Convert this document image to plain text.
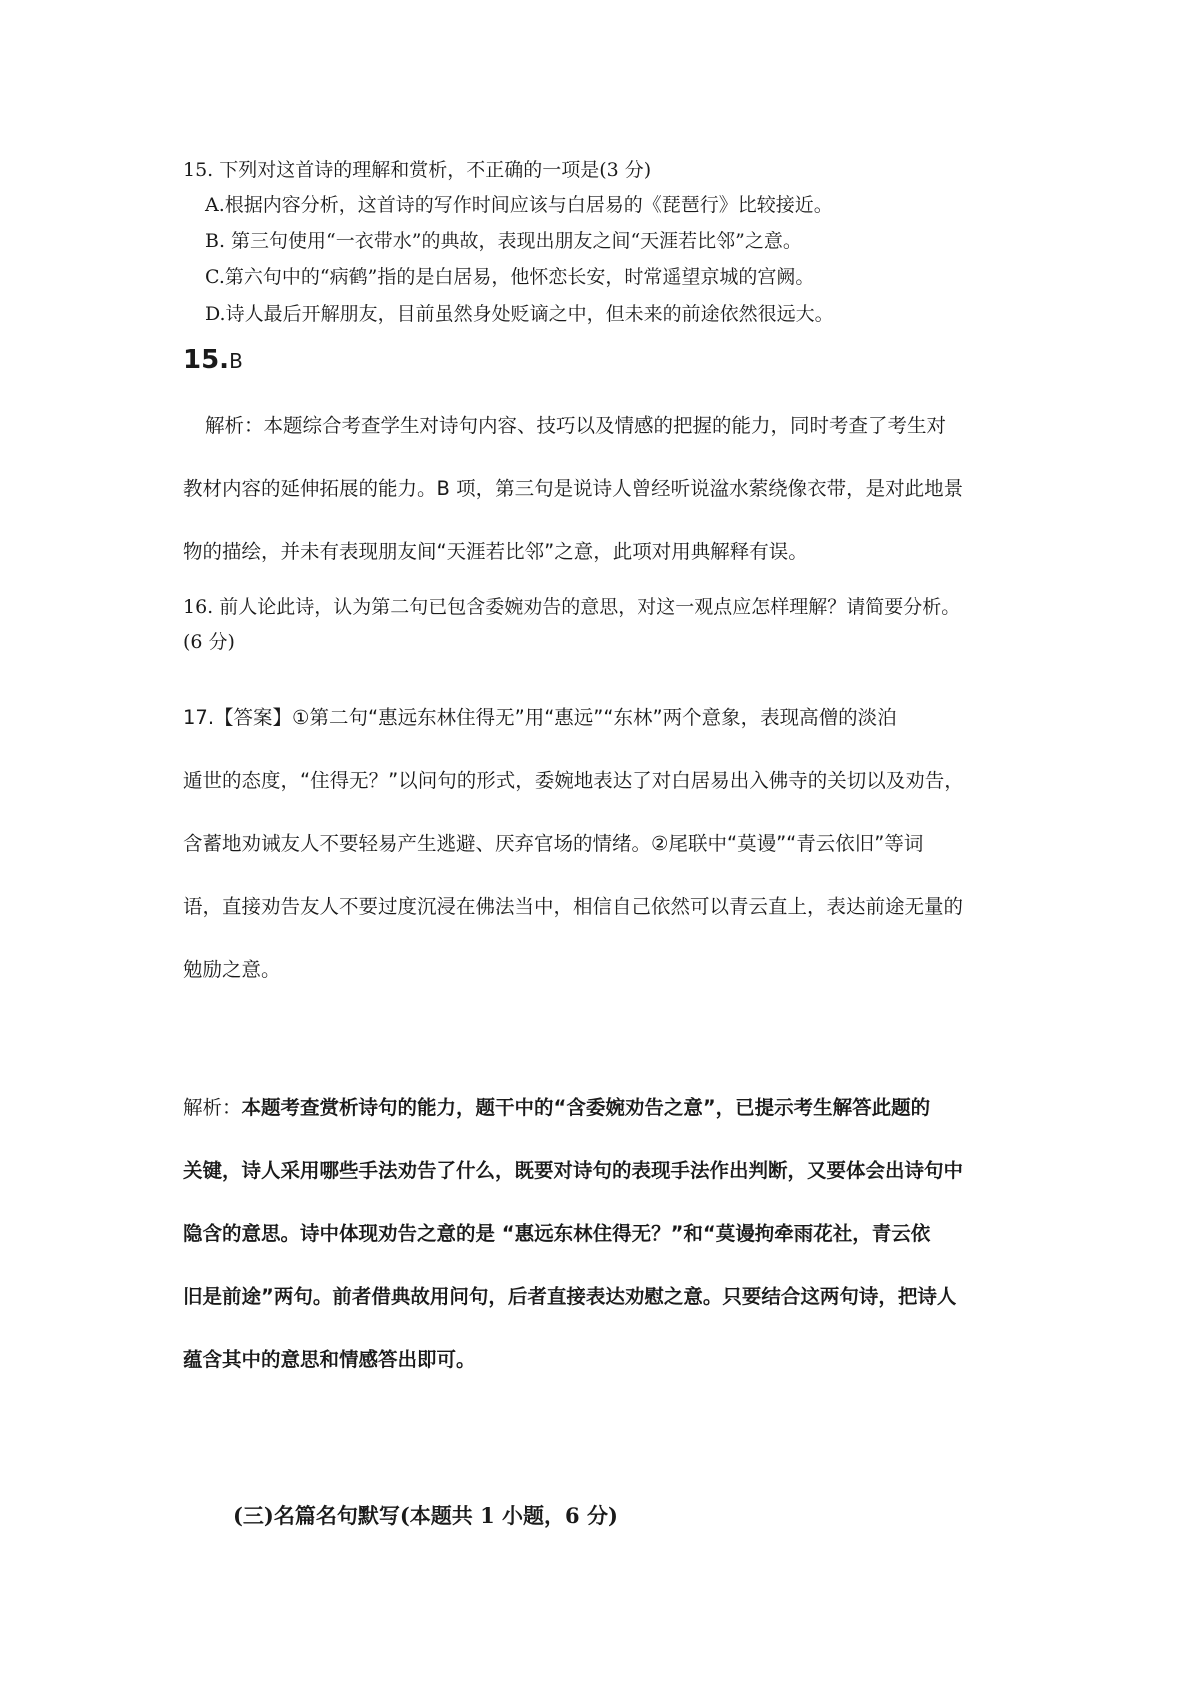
15. 下列对这首诗的理解和赏析，不正确的一项是(3 分)
A.根据内容分析，这首诗的写作时间应该与白居易的《琵琶行》比较接近。
B. 第三句使用“一衣带水”的典故，表现出朋友之间“天涯若比邻”之意。
C.第六句中的“病鹤”指的是白居易，他怀恋长安，时常遥望京城的宫阙。
D.诗人最后开解朋友，目前虽然身处贬谪之中，但未来的前途依然很远大。
15.B
解析：本题综合考查学生对诗句内容、技巧以及情感的把握的能力，同时考查了考生对
教材内容的延伸拓展的能力。B 项，第三句是说诗人曾经听说湓水萦绕像衣带，是对此地景
物的描绘，并未有表现朋友间“天涯若比邻”之意，此项对用典解释有误。
16. 前人论此诗，认为第二句已包含委婉劝告的意思，对这一观点应怎样理解？请简要分析。
(6 分)
17.【答案】①第二句“惠远东林住得无”用“惠远”“东林”两个意象，表现高僧的淡泊
遁世的态度，“住得无？”以问句的形式，委婉地表达了对白居易出入佛寺的关切以及劝告，
含蓄地劝诫友人不要轻易产生逃避、厌弃官场的情绪。②尾联中“莫谩”“青云依旧”等词
语，直接劝告友人不要过度沉浸在佛法当中，相信自己依然可以青云直上，表达前途无量的
勉励之意。
解析：本题考查赏析诗句的能力，题干中的“含委婉劝告之意”，已提示考生解答此题的
关键，诗人采用哪些手法劝告了什么，既要对诗句的表现手法作出判断，又要体会出诗句中
隐含的意思。诗中体现劝告之意的是 “惠远东林住得无？”和“莫谩拘牵雨花社，青云依
旧是前途”两句。前者借典故用问句，后者直接表达劝慰之意。只要结合这两句诗，把诗人
蕴含其中的意思和情感答出即可。
(三)名篇名句默写(本题共 1 小题，6 分)
